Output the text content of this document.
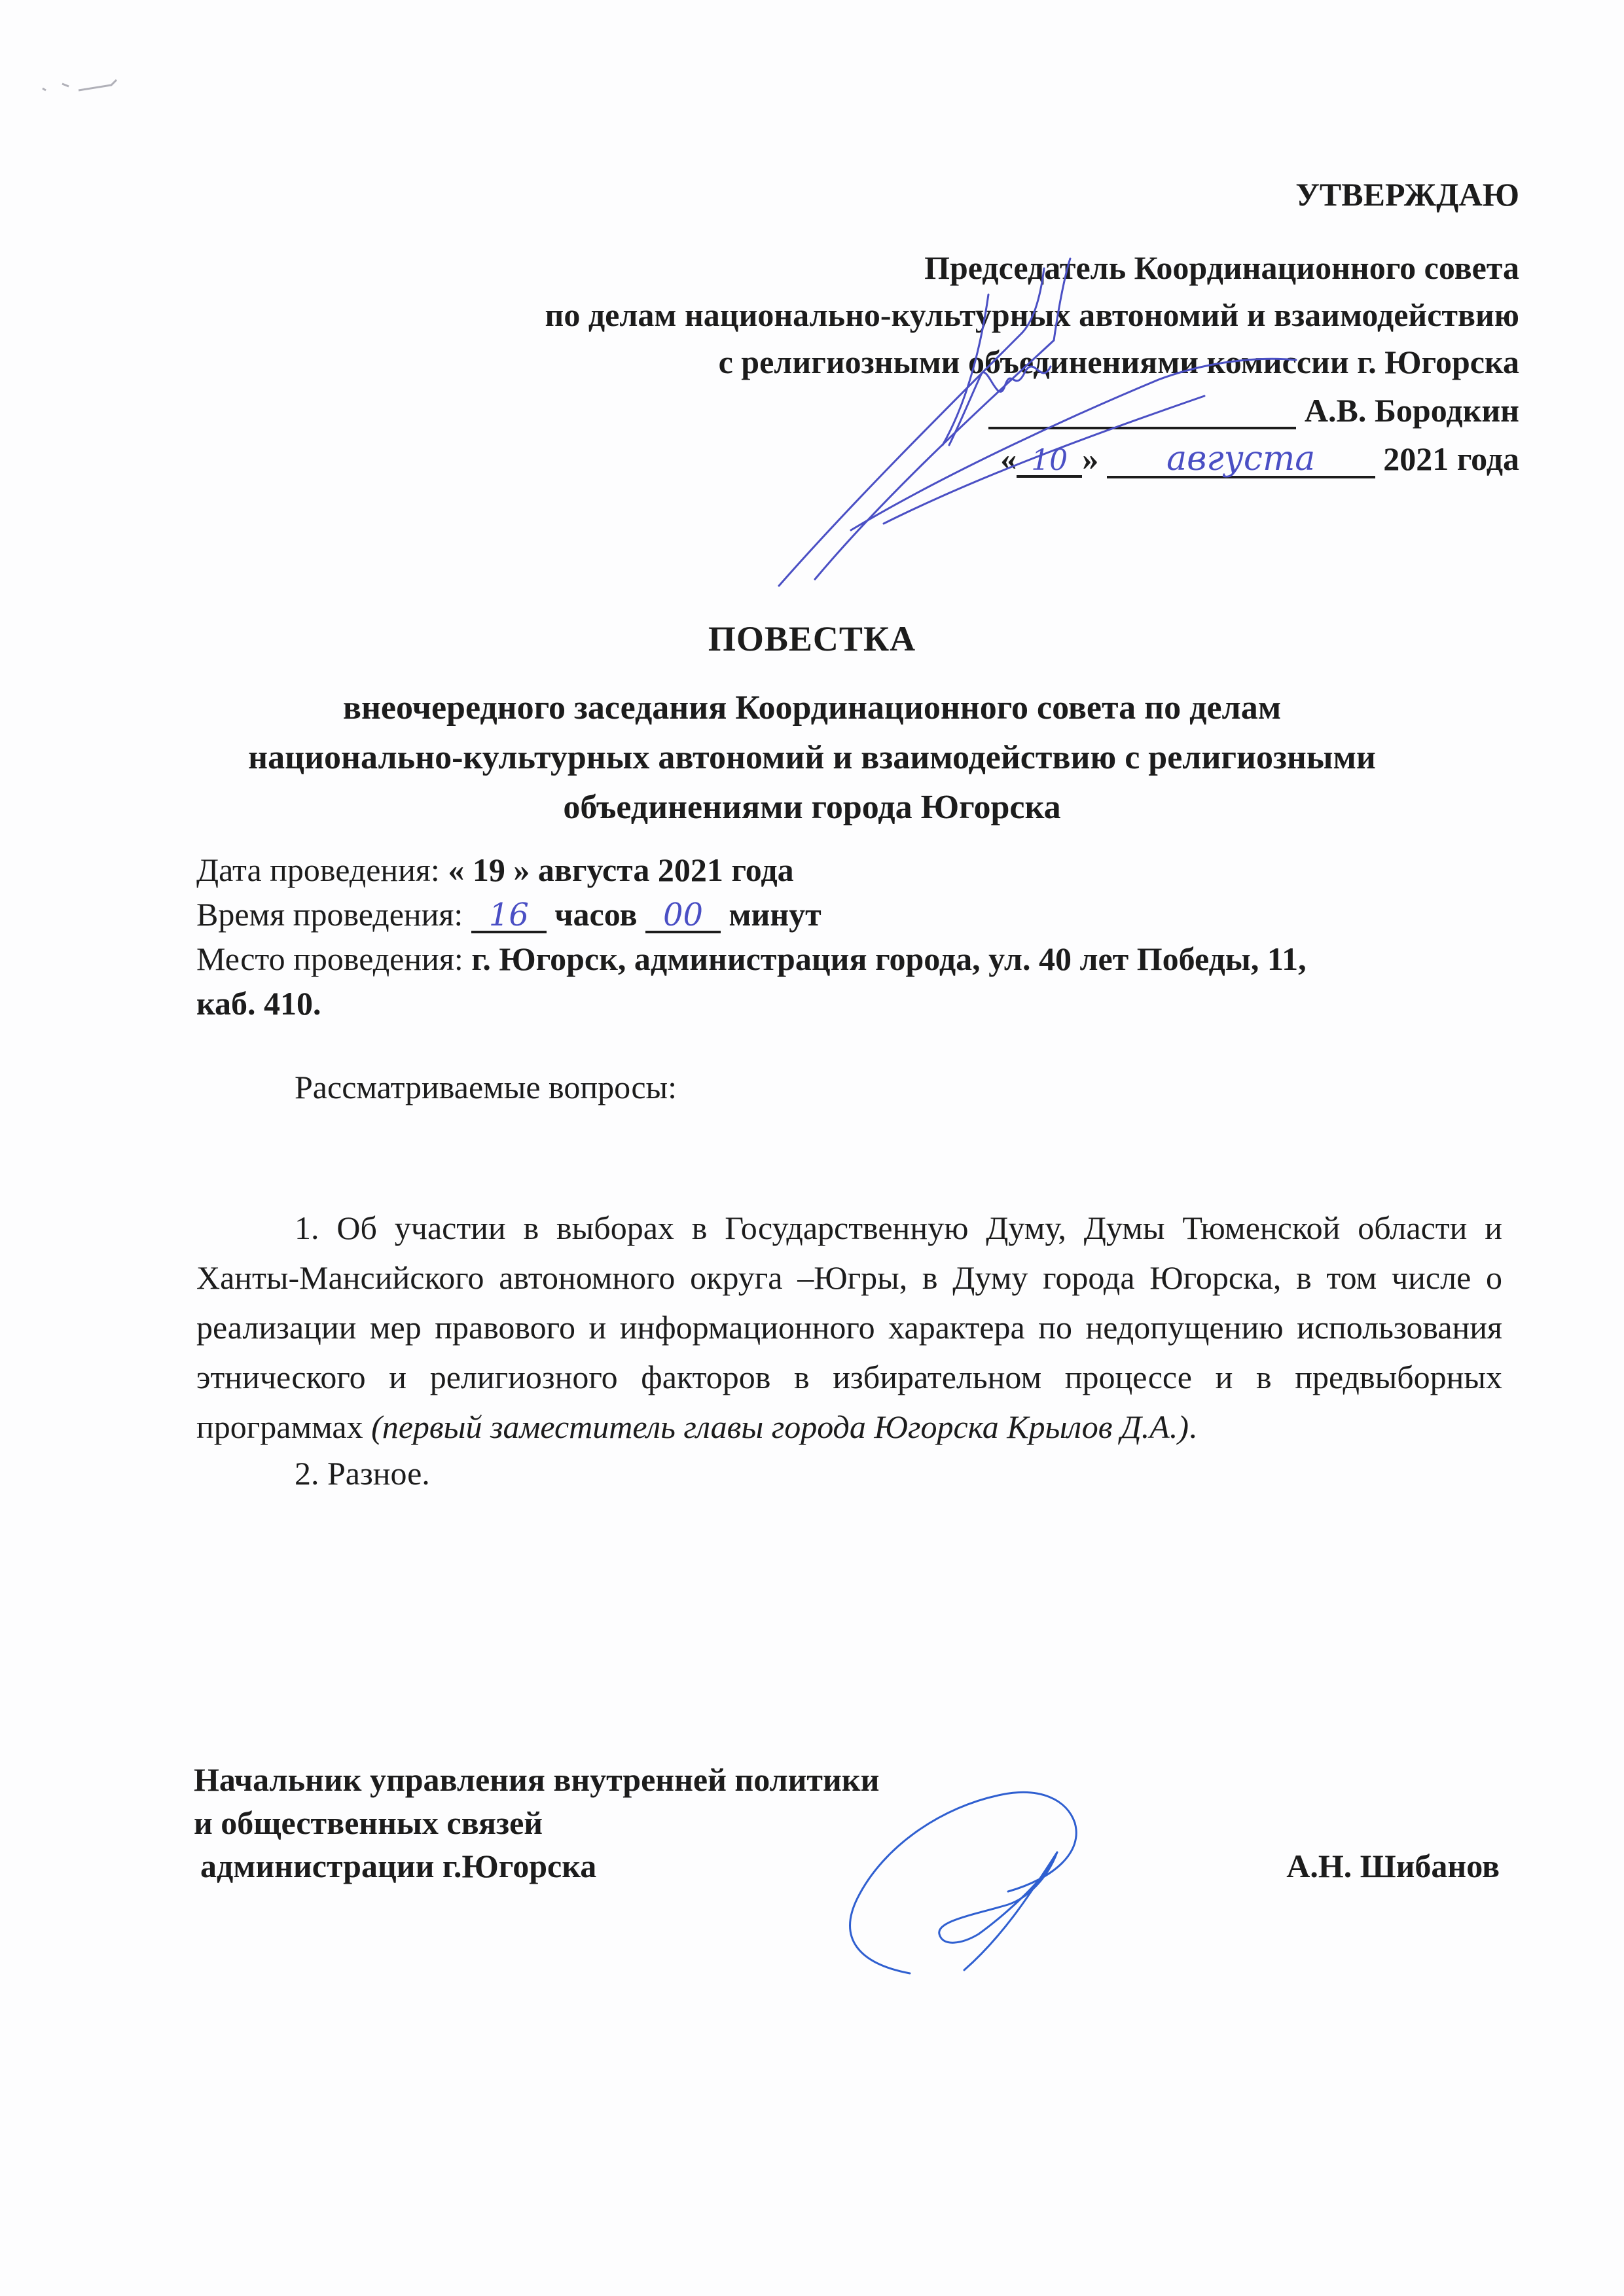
УТВЕРЖДАЮ
Председатель Координационного совета
по делам национально-культурных автономий и взаимодействию
с религиозными объединениями комиссии г. Югорска
А.В. Бородкин
« 10 » августа 2021 года
ПОВЕСТКА
внеочередного заседания Координационного совета по делам
национально-культурных автономий и взаимодействию с религиозными
объединениями города Югорска
Дата проведения: « 19 » августа 2021 года
Время проведения: 16 часов 00 минут
Место проведения: г. Югорск, администрация города, ул. 40 лет Победы, 11,
каб. 410.
Рассматриваемые вопросы:
1. Об участии в выборах в Государственную Думу, Думы Тюменской области и Ханты-Мансийского автономного округа –Югры, в Думу города Югорска, в том числе о реализации мер правового и информационного характера по недопущению использования этнического и религиозного факторов в избирательном процессе и в предвыборных программах (первый заместитель главы города Югорска Крылов Д.А.).
2. Разное.
Начальник управления внутренней политики
и общественных связей
администрации г.Югорска	А.Н. Шибанов
